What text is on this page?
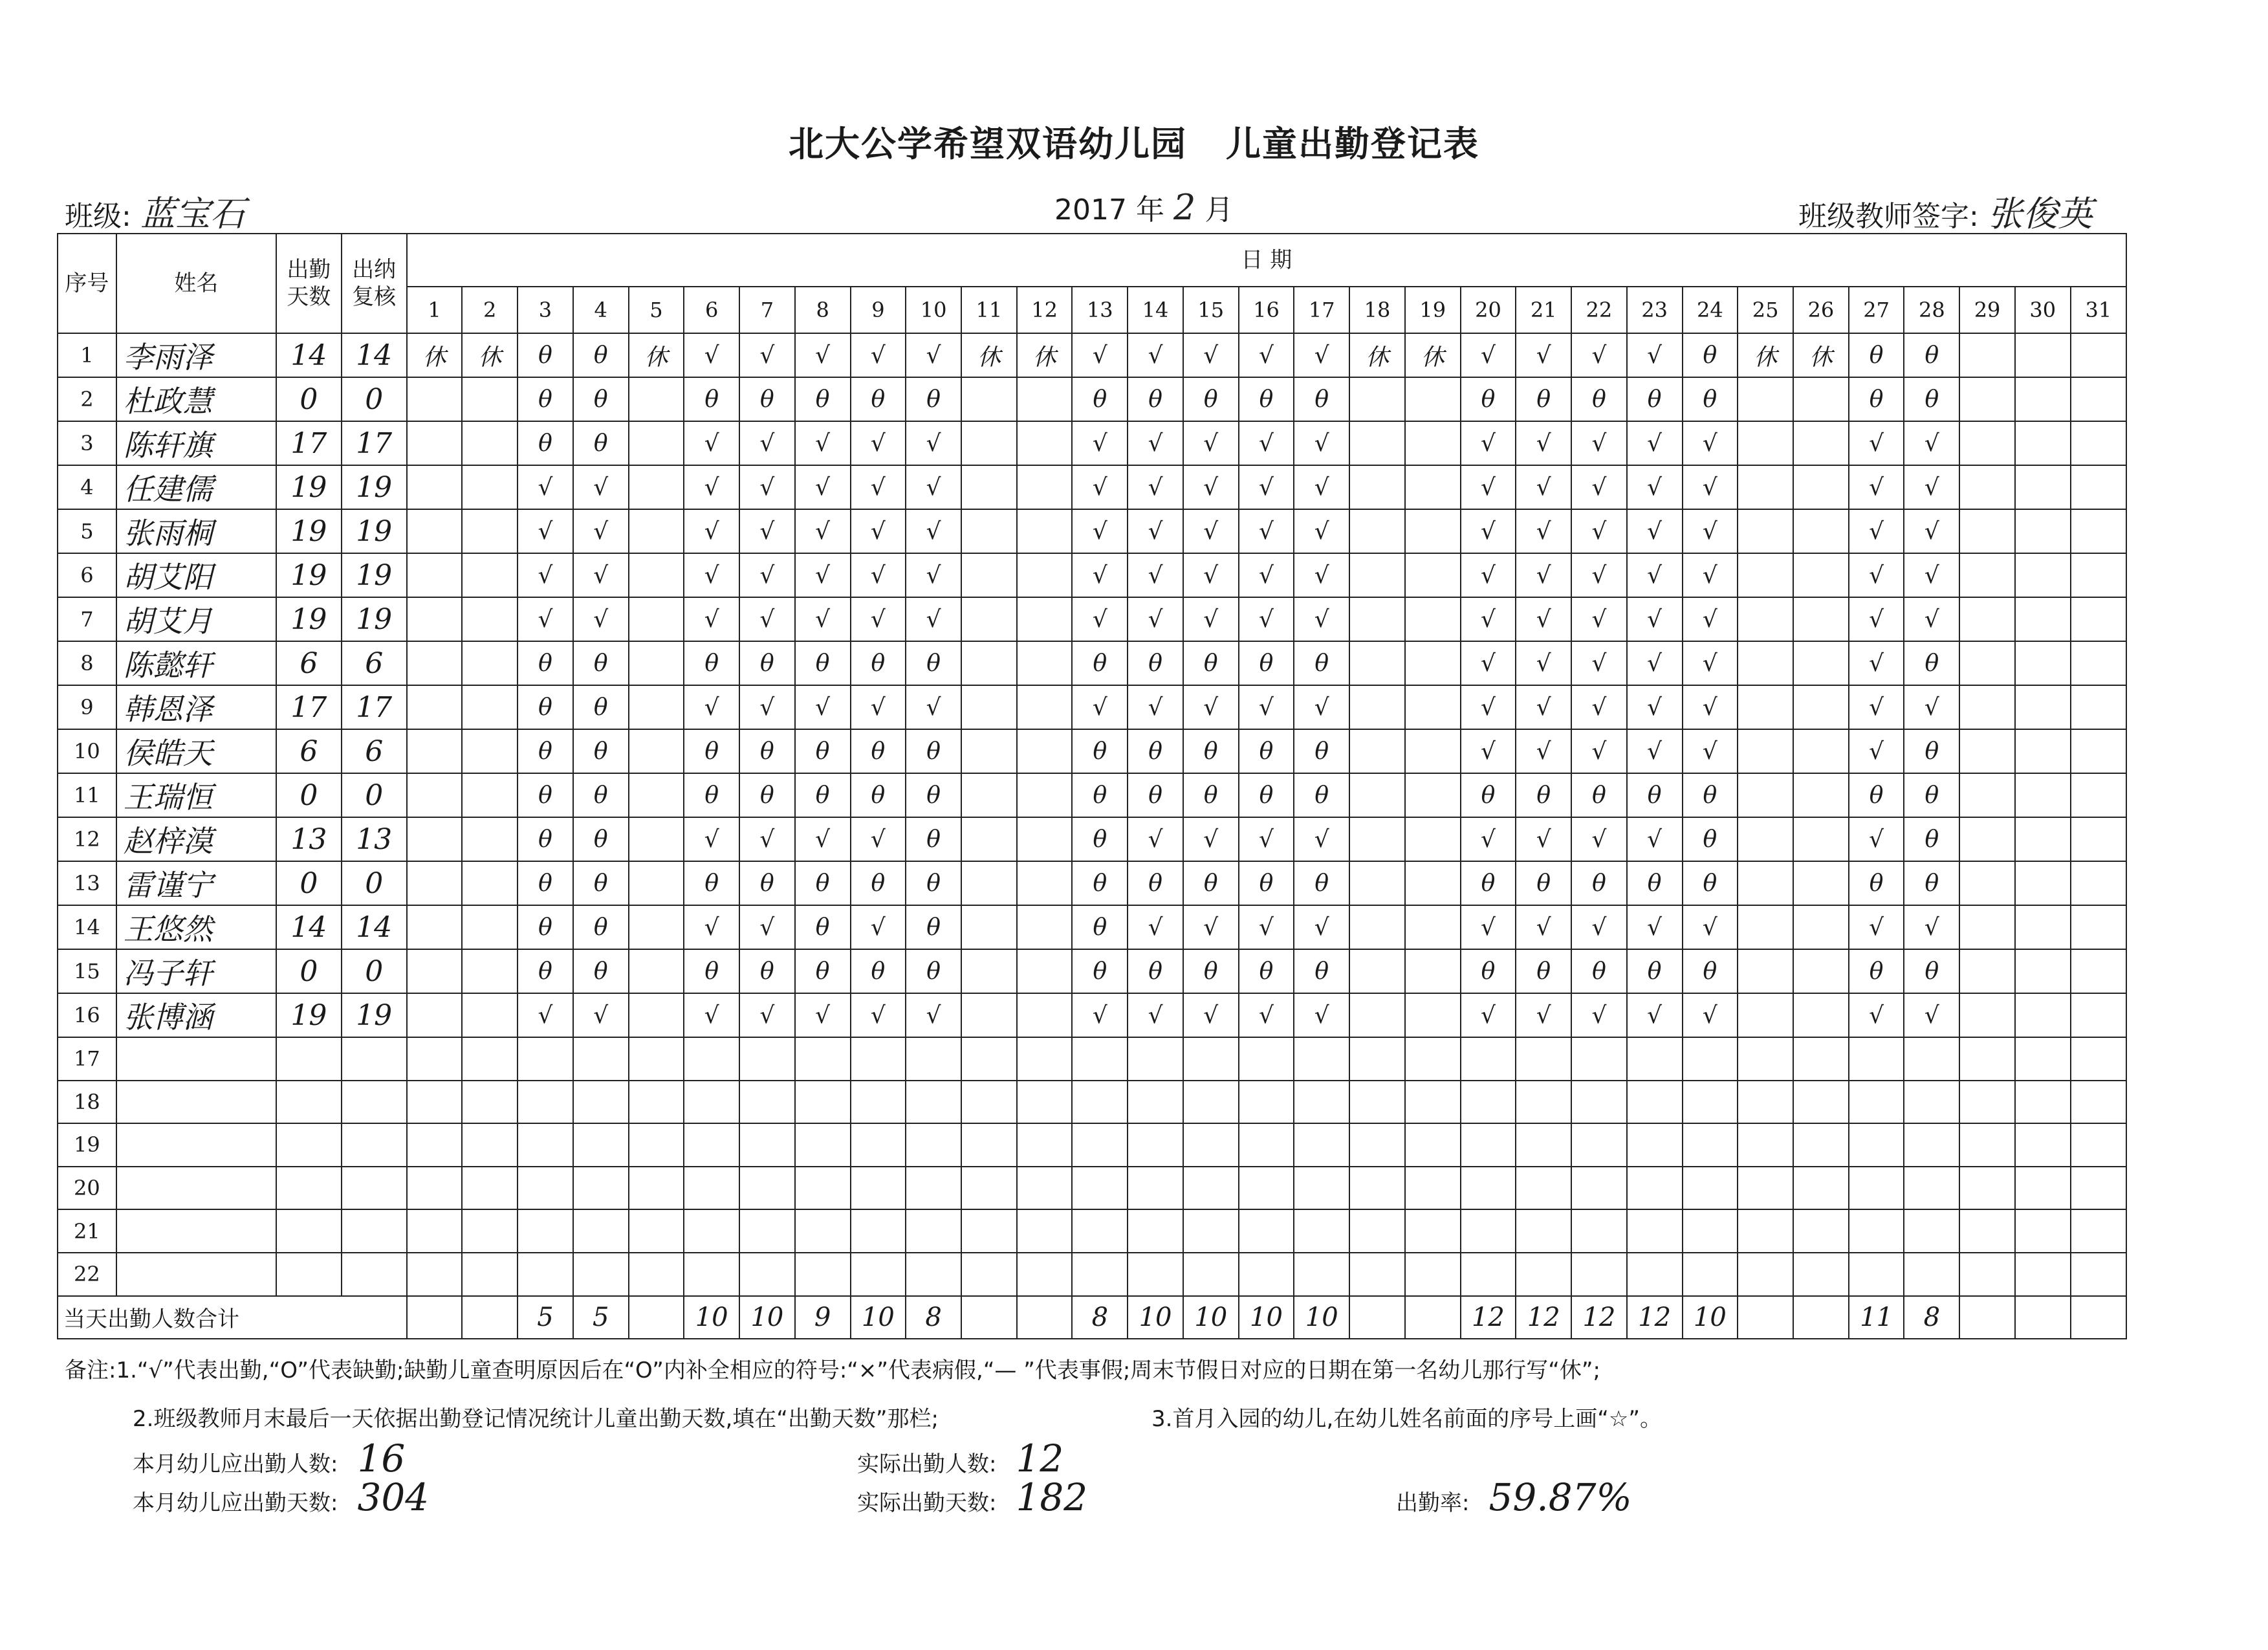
北大公学希望双语幼儿园 儿童出勤登记表
班级: 蓝宝石	2017 年 2 月	班级教师签字: 张俊英
序号	姓名	出勤天数	出纳复核	日 期																														
				1	2	3	4	5	6	7	8	9	10	11	12	13	14	15	16	17	18	19	20	21	22	23	24	25	26	27	28	29	30	31
1	李雨泽	14	14	休	休	θ	θ	休	√	√	√	√	√	休	休	√	√	√	√	√	休	休	√	√	√	√	θ	休	休	θ	θ			
2	杜政慧	0	0			θ	θ		θ	θ	θ	θ	θ			θ	θ	θ	θ	θ			θ	θ	θ	θ	θ			θ	θ			
3	陈轩旗	17	17			θ	θ		√	√	√	√	√			√	√	√	√	√			√	√	√	√	√			√	√			
4	任建儒	19	19			√	√		√	√	√	√	√			√	√	√	√	√			√	√	√	√	√			√	√			
5	张雨桐	19	19			√	√		√	√	√	√	√			√	√	√	√	√			√	√	√	√	√			√	√			
6	胡艾阳	19	19			√	√		√	√	√	√	√			√	√	√	√	√			√	√	√	√	√			√	√			
7	胡艾月	19	19			√	√		√	√	√	√	√			√	√	√	√	√			√	√	√	√	√			√	√			
8	陈懿轩	6	6			θ	θ		θ	θ	θ	θ	θ			θ	θ	θ	θ	θ			√	√	√	√	√			√	θ			
9	韩恩泽	17	17			θ	θ		√	√	√	√	√			√	√	√	√	√			√	√	√	√	√			√	√			
10	侯皓天	6	6			θ	θ		θ	θ	θ	θ	θ			θ	θ	θ	θ	θ			√	√	√	√	√			√	θ			
11	王瑞恒	0	0			θ	θ		θ	θ	θ	θ	θ			θ	θ	θ	θ	θ			θ	θ	θ	θ	θ			θ	θ			
12	赵梓漠	13	13			θ	θ		√	√	√	√	θ			θ	√	√	√	√			√	√	√	√	θ			√	θ			
13	雷谨宁	0	0			θ	θ		θ	θ	θ	θ	θ			θ	θ	θ	θ	θ			θ	θ	θ	θ	θ			θ	θ			
14	王悠然	14	14			θ	θ		√	√	θ	√	θ			θ	√	√	√	√			√	√	√	√	√			√	√			
15	冯子轩	0	0			θ	θ		θ	θ	θ	θ	θ			θ	θ	θ	θ	θ			θ	θ	θ	θ	θ			θ	θ			
16	张博涵	19	19			√	√		√	√	√	√	√			√	√	√	√	√			√	√	√	√	√			√	√			
17																																		
18																																		
19																																		
20																																		
21																																		
22																																		
当天出勤人数合计						5	5		10	10	9	10	8			8	10	10	10	10			12	12	12	12	10			11	8			
备注:1.“√”代表出勤,“O”代表缺勤;缺勤儿童查明原因后在“O”内补全相应的符号:“×”代表病假,“— ”代表事假;周末节假日对应的日期在第一名幼儿那行写“休”;
2.班级教师月末最后一天依据出勤登记情况统计儿童出勤天数,填在“出勤天数”那栏;	3.首月入园的幼儿,在幼儿姓名前面的序号上画“☆”。
本月幼儿应出勤人数: 16
本月幼儿应出勤天数: 304
实际出勤人数: 12
实际出勤天数: 182	出勤率: 59.87%
